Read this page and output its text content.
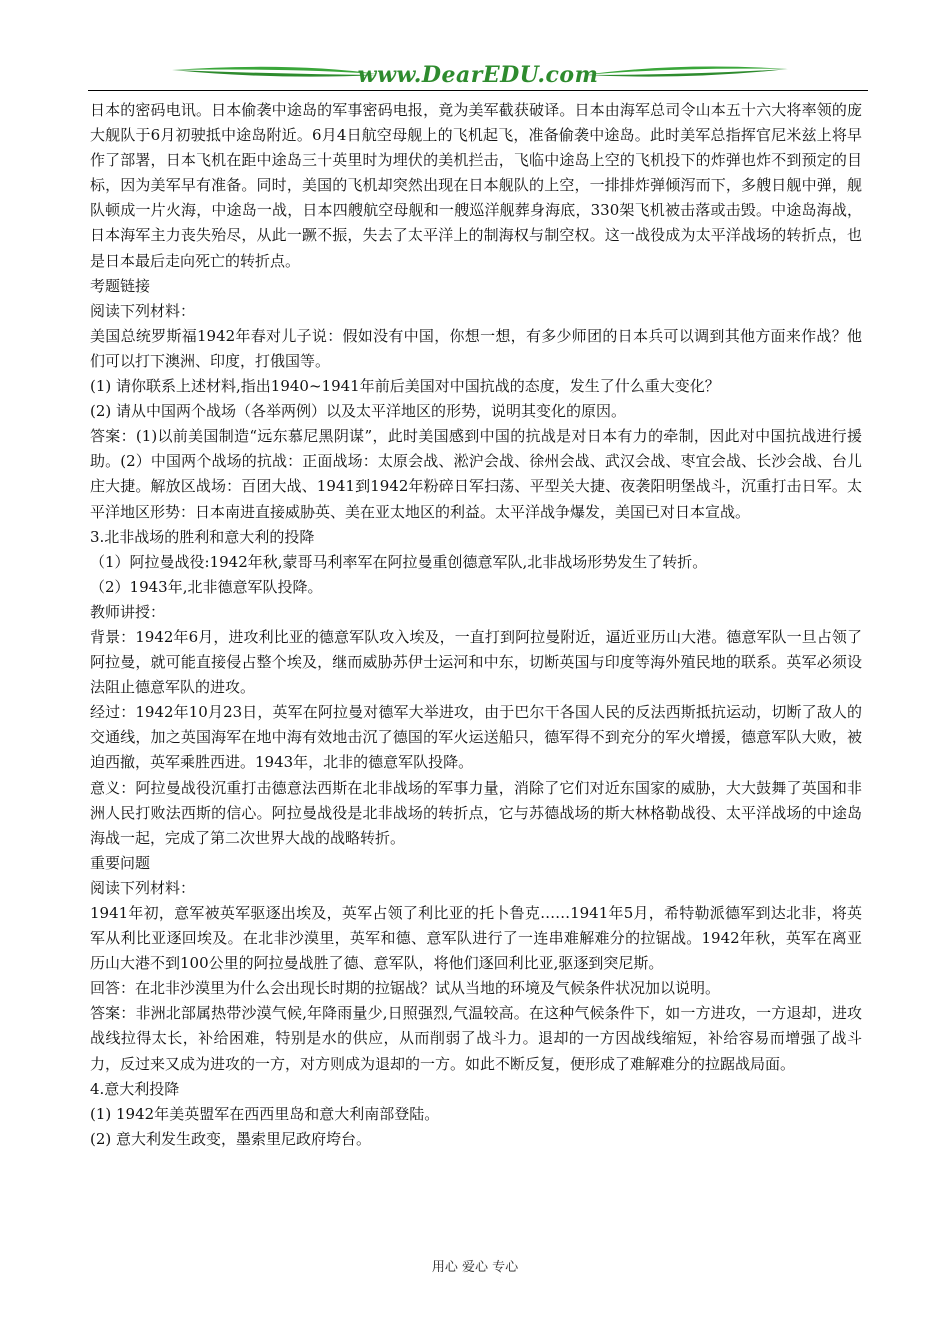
www.DearEDU.com

日本的密码电讯。日本偷袭中途岛的军事密码电报，竟为美军截获破译。日本由海军总司令山本五十六大将率领的庞大舰队于6月初驶抵中途岛附近。6月4日航空母舰上的飞机起飞，准备偷袭中途岛。此时美军总指挥官尼米兹上将早作了部署，日本飞机在距中途岛三十英里时为埋伏的美机拦击，飞临中途岛上空的飞机投下的炸弹也炸不到预定的目标，因为美军早有准备。同时，美国的飞机却突然出现在日本舰队的上空，一排排炸弹倾泻而下，多艘日舰中弹，舰队顿成一片火海，中途岛一战，日本四艘航空母舰和一艘巡洋舰葬身海底，330架飞机被击落或击毁。中途岛海战，日本海军主力丧失殆尽，从此一蹶不振，失去了太平洋上的制海权与制空权。这一战役成为太平洋战场的转折点，也是日本最后走向死亡的转折点。

考题链接

阅读下列材料：

美国总统罗斯福1942年春对儿子说：假如没有中国，你想一想，有多少师团的日本兵可以调到其他方面来作战？他们可以打下澳洲、印度，打俄国等。

(1) 请你联系上述材料,指出1940~1941年前后美国对中国抗战的态度，发生了什么重大变化？

(2) 请从中国两个战场（各举两例）以及太平洋地区的形势，说明其变化的原因。

答案：(1)以前美国制造“远东慕尼黑阴谋”，此时美国感到中国的抗战是对日本有力的牵制，因此对中国抗战进行援助。(2）中国两个战场的抗战：正面战场：太原会战、淞沪会战、徐州会战、武汉会战、枣宜会战、长沙会战、台儿庄大捷。解放区战场：百团大战、1941到1942年粉碎日军扫荡、平型关大捷、夜袭阳明堡战斗，沉重打击日军。太平洋地区形势：日本南进直接威胁英、美在亚太地区的利益。太平洋战争爆发，美国已对日本宣战。

3.北非战场的胜利和意大利的投降

（1）阿拉曼战役:1942年秋,蒙哥马利率军在阿拉曼重创德意军队,北非战场形势发生了转折。

（2）1943年,北非德意军队投降。

教师讲授：

背景：1942年6月，进攻利比亚的德意军队攻入埃及，一直打到阿拉曼附近，逼近亚历山大港。德意军队一旦占领了阿拉曼，就可能直接侵占整个埃及，继而威胁苏伊士运河和中东，切断英国与印度等海外殖民地的联系。英军必须设法阻止德意军队的进攻。

经过：1942年10月23日，英军在阿拉曼对德军大举进攻，由于巴尔干各国人民的反法西斯抵抗运动，切断了敌人的交通线，加之英国海军在地中海有效地击沉了德国的军火运送船只，德军得不到充分的军火增援，德意军队大败，被迫西撤，英军乘胜西进。1943年，北非的德意军队投降。

意义：阿拉曼战役沉重打击德意法西斯在北非战场的军事力量，消除了它们对近东国家的威胁，大大鼓舞了英国和非洲人民打败法西斯的信心。阿拉曼战役是北非战场的转折点，它与苏德战场的斯大林格勒战役、太平洋战场的中途岛海战一起，完成了第二次世界大战的战略转折。

重要问题

阅读下列材料：

1941年初，意军被英军驱逐出埃及，英军占领了利比亚的托卜鲁克……1941年5月，希特勒派德军到达北非，将英军从利比亚逐回埃及。在北非沙漠里，英军和德、意军队进行了一连串难解难分的拉锯战。1942年秋，英军在离亚历山大港不到100公里的阿拉曼战胜了德、意军队，将他们逐回利比亚,驱逐到突尼斯。

回答：在北非沙漠里为什么会出现长时期的拉锯战？试从当地的环境及气候条件状况加以说明。

答案：非洲北部属热带沙漠气候,年降雨量少,日照强烈,气温较高。在这种气候条件下，如一方进攻，一方退却，进攻战线拉得太长，补给困难，特别是水的供应，从而削弱了战斗力。退却的一方因战线缩短，补给容易而增强了战斗力，反过来又成为进攻的一方，对方则成为退却的一方。如此不断反复，便形成了难解难分的拉踞战局面。

4.意大利投降

(1) 1942年美英盟军在西西里岛和意大利南部登陆。

(2) 意大利发生政变，墨索里尼政府垮台。

用心 爱心 专心
